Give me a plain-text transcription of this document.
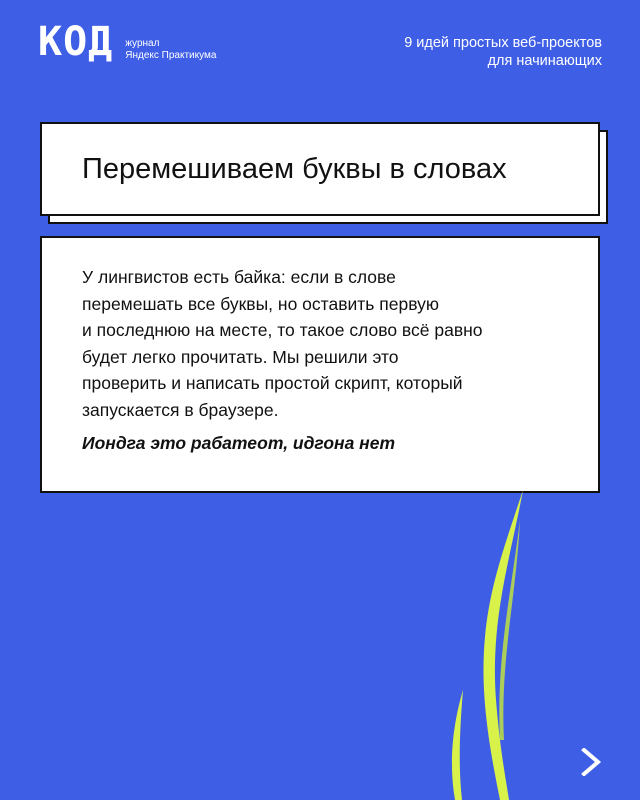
КОД журнал
Яндекс Практикума
9 идей простых веб-проектов
для начинающих
Перемешиваем буквы в словах
У лингвистов есть байка: если в слове
перемешать все буквы, но оставить первую
и последнюю на месте, то такое слово всё равно
будет легко прочитать. Мы решили это
проверить и написать простой скрипт, который
запускается в браузере.
Иондга это рабатеот, идгона нет
